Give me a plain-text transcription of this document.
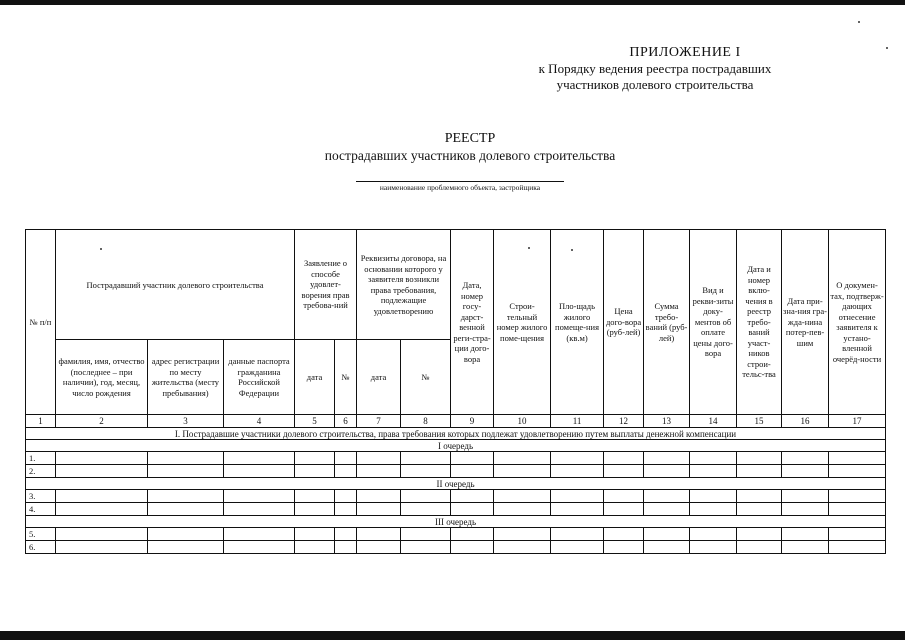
ПРИЛОЖЕНИЕ I
к Порядку ведения реестра пострадавших
участников долевого строительства
РЕЕСТР
пострадавших участников долевого строительства
наименование проблемного объекта, застройщика
№ п/п	Пострадавший участник долевого строительства			Заявление о способе удовлет-ворения прав требова-ний		Реквизиты договора, на основании которого у заявителя возникли права требования, подлежащие удовлетворению		Дата, номер госу-дарст-венной реги-стра-ции дого-вора	Строи-тельный номер жилого поме-щения	Пло-щадь жилого помеще-ния (кв.м)	Цена дого-вора (руб-лей)	Сумма требо-ваний (руб-лей)	Вид и рекви-зиты доку-ментов об оплате цены дого-вора	Дата и номер вклю-чения в реестр требо-ваний участ-ников строи-тельс-тва	Дата при-зна-ния гра-жда-нина потер-пев-шим	О докумен-тах, подтверж-дающих отнесение заявителя к устано-вленной очерёд-ности
	фамилия, имя, отчество (последнее – при наличии), год, месяц, число рождения	адрес регистрации по месту жительства (месту пребывания)	данные паспорта гражданина Российской Федерации	дата	№	дата	№									
1	2	3	4	5	6	7	8	9	10	11	12	13	14	15	16	17
I. Пострадавшие участники долевого строительства, права требования которых подлежат удовлетворению путем выплаты денежной компенсации																
I очередь																
1.																
2.																
II очередь																
3.																
4.																
III очередь																
5.																
6.																
